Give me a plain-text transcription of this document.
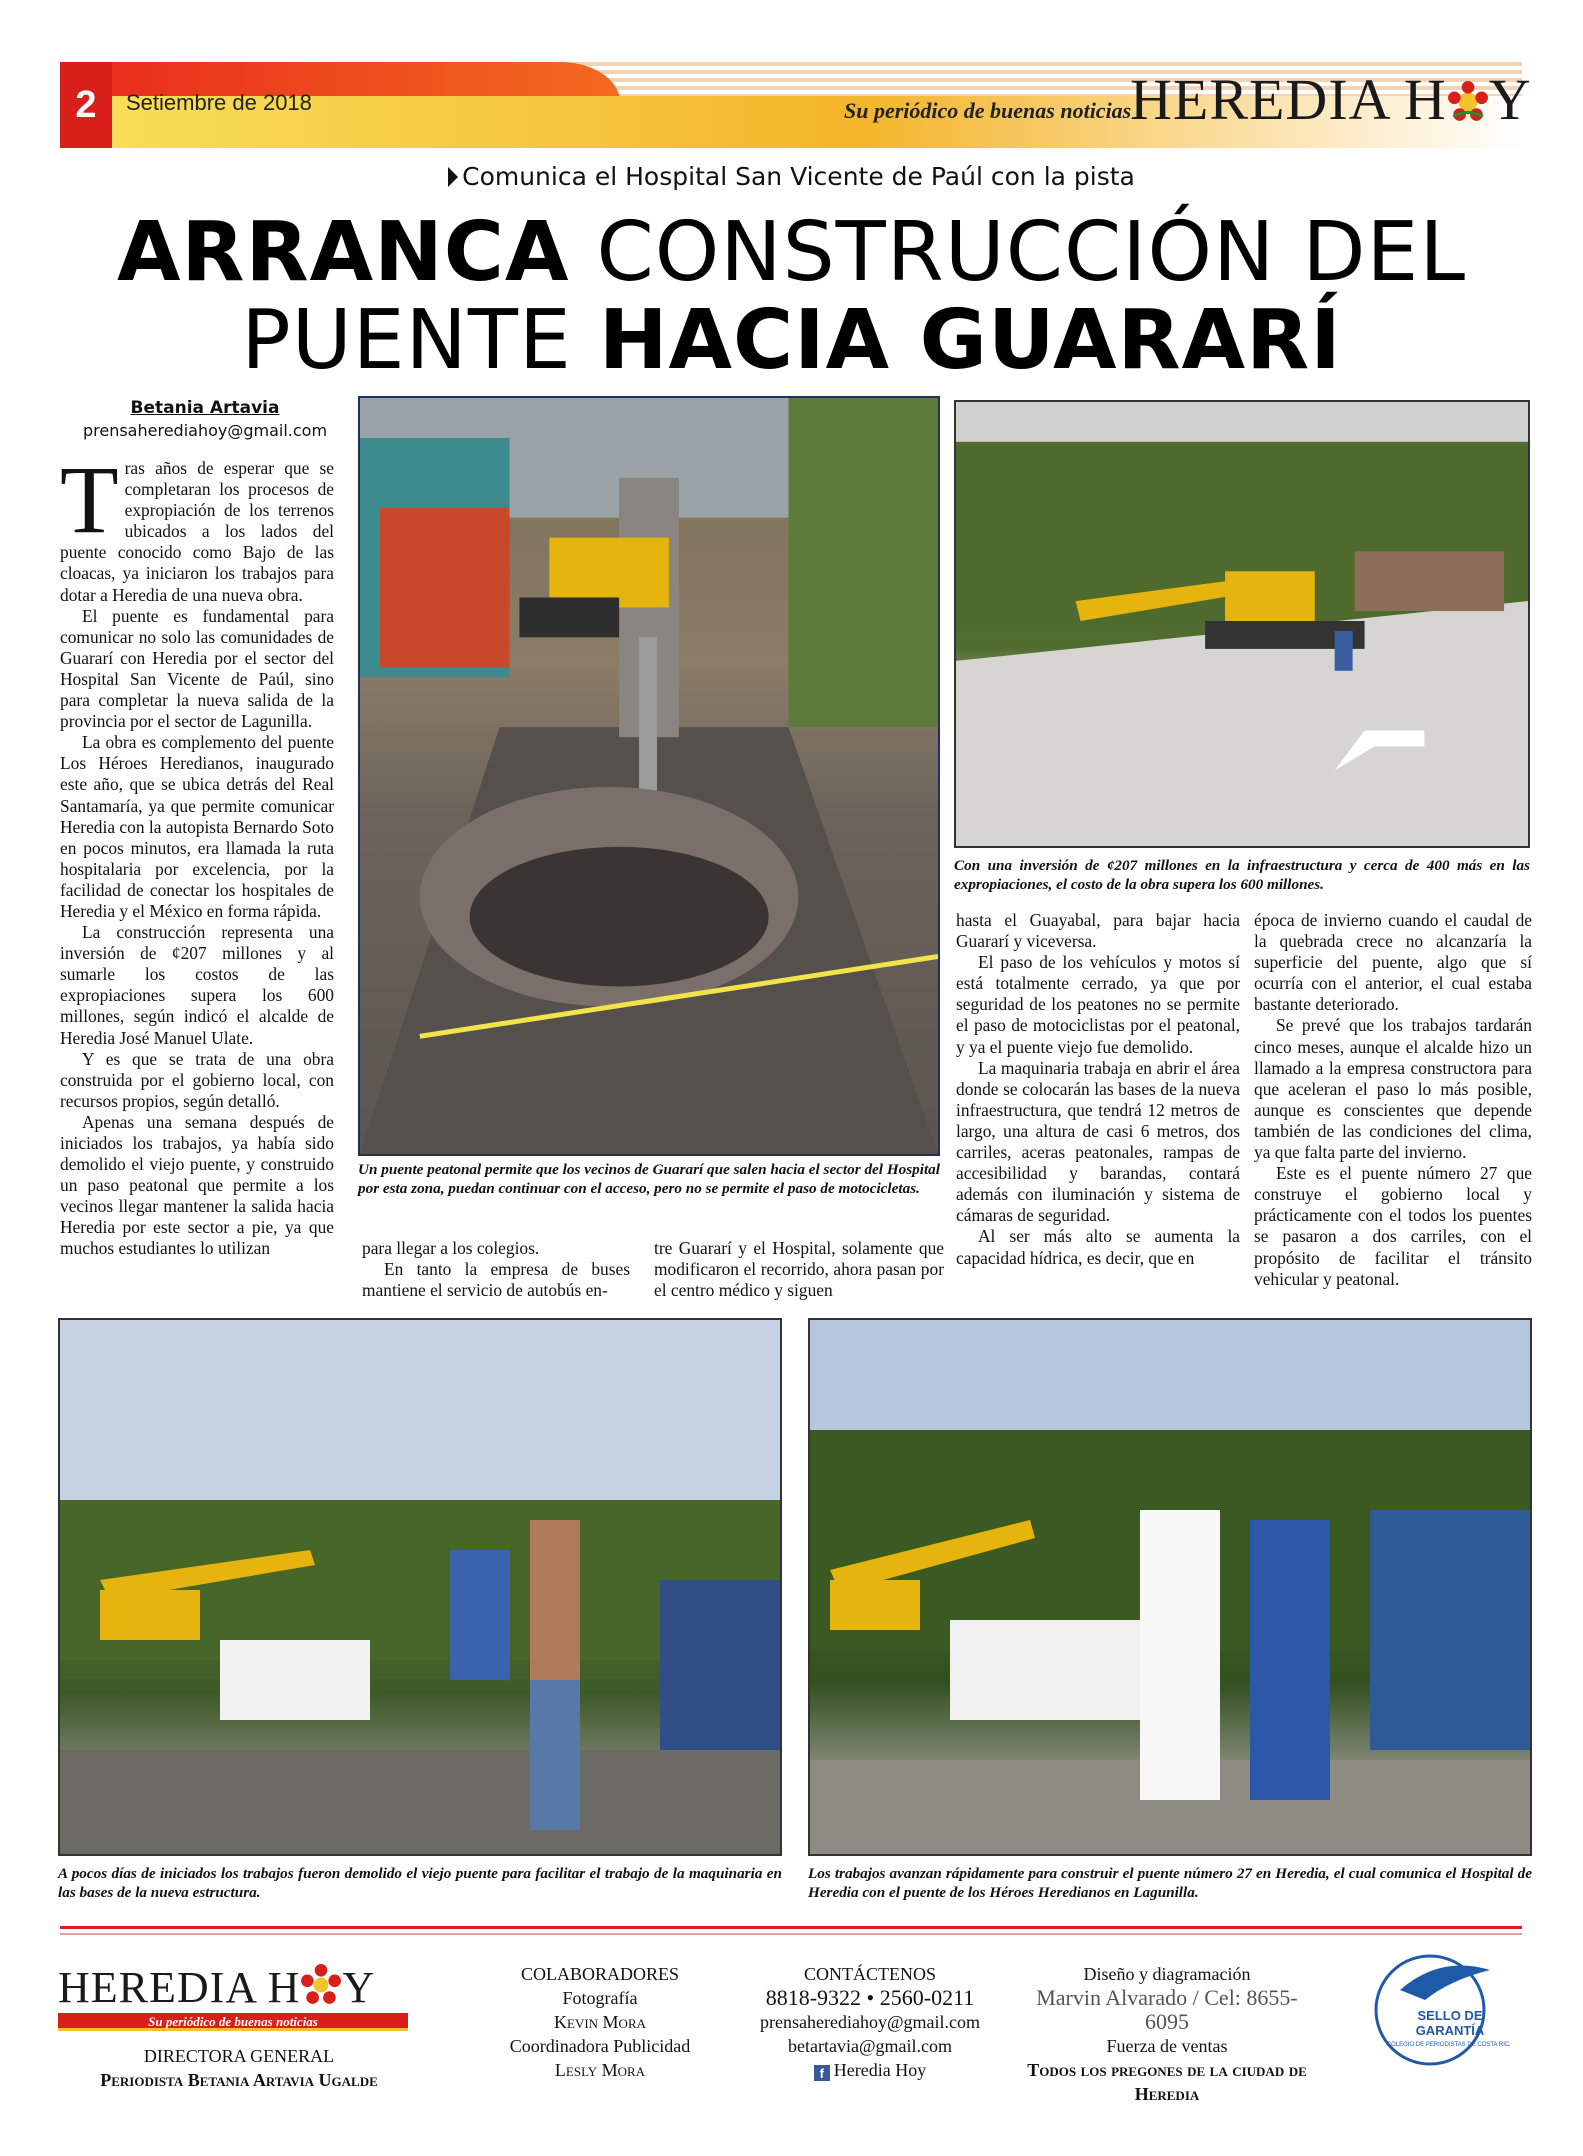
2	Setiembre de 2018	Su periódico de buenas noticias
HEREDIA H Y
Comunica el Hospital San Vicente de Paúl con la pista
ARRANCA CONSTRUCCIÓN DEL
PUENTE HACIA GUARARÍ
Betania Artavia
prensaherediahoy@gmail.com

Tras años de esperar que se completaran los procesos de expropiación de los terrenos ubicados a los lados del puente conocido como Bajo de las cloacas, ya iniciaron los trabajos para dotar a Heredia de una nueva obra.

El puente es fundamental para comunicar no solo las comunidades de Guararí con Heredia por el sector del Hospital San Vicente de Paúl, sino para completar la nueva salida de la provincia por el sector de Lagunilla.

La obra es complemento del puente Los Héroes Heredianos, inaugurado este año, que se ubica detrás del Real Santamaría, ya que permite comunicar Heredia con la autopista Bernardo Soto en pocos minutos, era llamada la ruta hospitalaria por excelencia, por la facilidad de conectar los hospitales de Heredia y el México en forma rápida.

La construcción representa una inversión de ¢207 millones y al sumarle los costos de las expropiaciones supera los 600 millones, según indicó el alcalde de Heredia José Manuel Ulate.

Y es que se trata de una obra construida por el gobierno local, con recursos propios, según detalló.

Apenas una semana después de iniciados los trabajos, ya había sido demolido el viejo puente, y construido un paso peatonal que permite a los vecinos llegar mantener la salida hacia Heredia por este sector a pie, ya que muchos estudiantes lo utilizan

Un puente peatonal permite que los vecinos de Guararí que salen hacia el sector del Hospital por esta zona, puedan continuar con el acceso, pero no se permite el paso de motocicletas.
Con una inversión de ¢207 millones en la infraestructura y cerca de 400 más en las expropiaciones, el costo de la obra supera los 600 millones.

para llegar a los colegios.

En tanto la empresa de buses mantiene el servicio de autobús en-

tre Guararí y el Hospital, solamente que modificaron el recorrido, ahora pasan por el centro médico y siguen

hasta el Guayabal, para bajar hacia Guararí y viceversa.

El paso de los vehículos y motos sí está totalmente cerrado, ya que por seguridad de los peatones no se permite el paso de motociclistas por el peatonal, y ya el puente viejo fue demolido.

La maquinaria trabaja en abrir el área donde se colocarán las bases de la nueva infraestructura, que tendrá 12 metros de largo, una altura de casi 6 metros, dos carriles, aceras peatonales, rampas de accesibilidad y barandas, contará además con iluminación y sistema de cámaras de seguridad.

Al ser más alto se aumenta la capacidad hídrica, es decir, que en

época de invierno cuando el caudal de la quebrada crece no alcanzaría la superficie del puente, algo que sí ocurría con el anterior, el cual estaba bastante deteriorado.

Se prevé que los trabajos tardarán cinco meses, aunque el alcalde hizo un llamado a la empresa constructora para que aceleran el paso lo más posible, aunque es conscientes que depende también de las condiciones del clima, ya que falta parte del invierno.

Este es el puente número 27 que construye el gobierno local y prácticamente con el todos los puentes se pasaron a dos carriles, con el propósito de facilitar el tránsito vehicular y peatonal.

A pocos días de iniciados los trabajos fueron demolido el viejo puente para facilitar el trabajo de la maquinaria en las bases de la nueva estructura.
Los trabajos avanzan rápidamente para construir el puente número 27 en Heredia, el cual comunica el Hospital de Heredia con el puente de los Héroes Heredianos en Lagunilla.
HEREDIA H Y
Su periódico de buenas noticias
DIRECTORA GENERAL
Periodista Betania Artavia Ugalde
COLABORADORES
Fotografía
Kevin Mora
Coordinadora Publicidad
Lesly Mora
CONTÁCTENOS
8818-9322 • 2560-0211
prensaherediahoy@gmail.com
betartavia@gmail.com
f Heredia Hoy
Diseño y diagramación
Marvin Alvarado / Cel: 8655-6095
Fuerza de ventas
Todos los pregones de la ciudad de Heredia
SELLO DE
GARANTÍA
COLEGIO DE PERIODISTAS DE COSTA RICA
